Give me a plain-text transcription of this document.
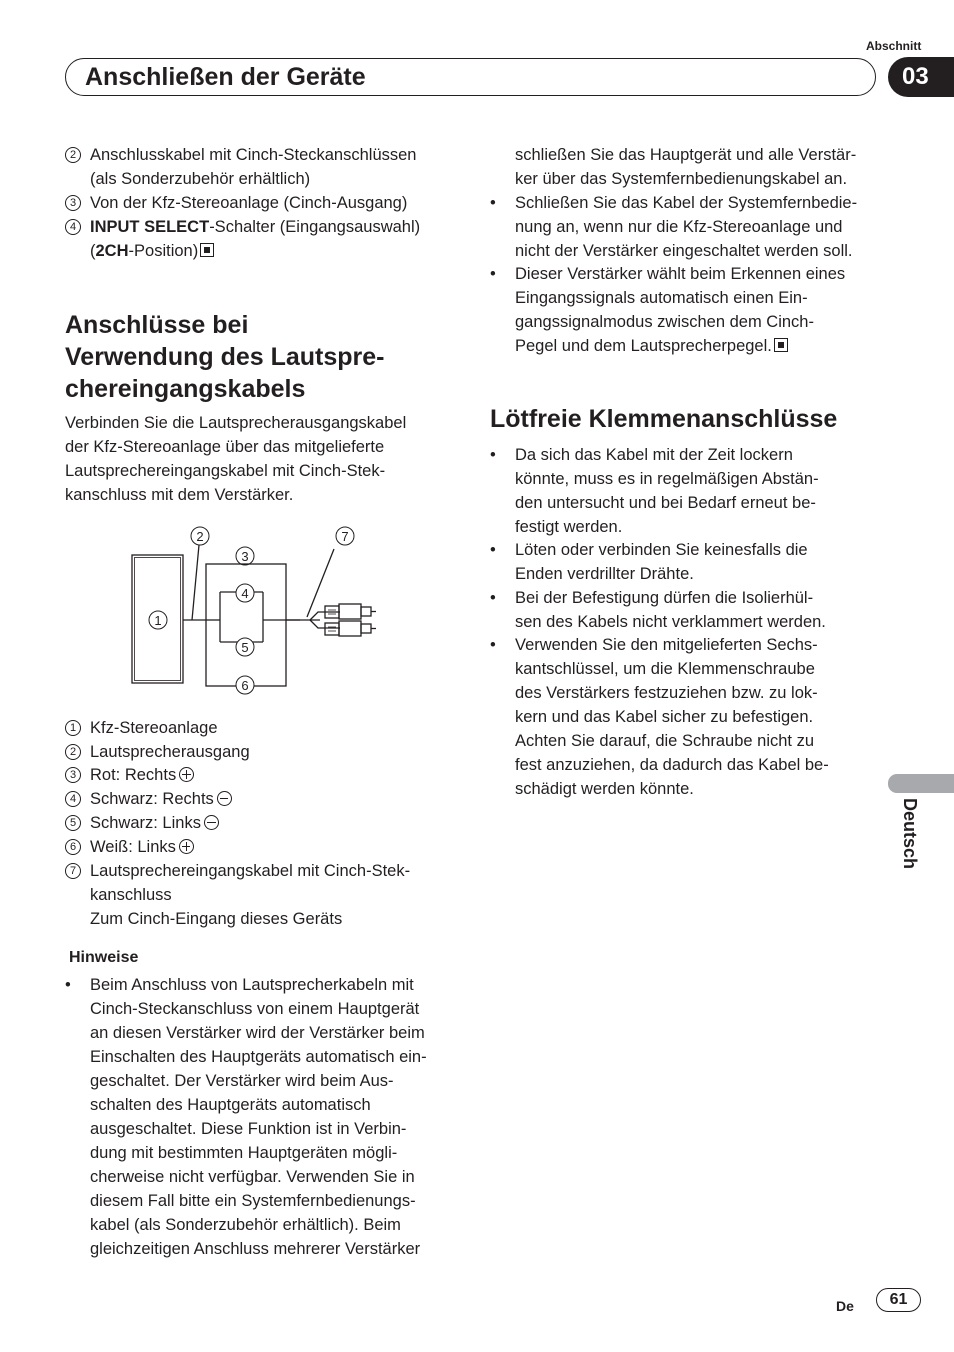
Abschnitt
Anschließen der Geräte	03
2 Anschlusskabel mit Cinch-Steckanschlüssen
(als Sonderzubehör erhältlich)
3 Von der Kfz-Stereoanlage (Cinch-Ausgang)
4 INPUT SELECT-Schalter (Eingangsauswahl)
(2CH-Position)
Anschlüsse bei
Verwendung des Lautspre-
chereingangskabels
Verbinden Sie die Lautsprecherausgangskabel
der Kfz-Stereoanlage über das mitgelieferte
Lautsprechereingangskabel mit Cinch-Stek-
kanschluss mit dem Verstärker.
1
2
3
4
5
6
7
1 Kfz-Stereoanlage
2 Lautsprecherausgang
3 Rot: Rechts
4 Schwarz: Rechts
5 Schwarz: Links
6 Weiß: Links
7 Lautsprechereingangskabel mit Cinch-Stek-
kanschluss
Zum Cinch-Eingang dieses Geräts
Hinweise
• Beim Anschluss von Lautsprecherkabeln mit
Cinch-Steckanschluss von einem Hauptgerät
an diesen Verstärker wird der Verstärker beim
Einschalten des Hauptgeräts automatisch ein-
geschaltet. Der Verstärker wird beim Aus-
schalten des Hauptgeräts automatisch
ausgeschaltet. Diese Funktion ist in Verbin-
dung mit bestimmten Hauptgeräten mögli-
cherweise nicht verfügbar. Verwenden Sie in
diesem Fall bitte ein Systemfernbedienungs-
kabel (als Sonderzubehör erhältlich). Beim
gleichzeitigen Anschluss mehrerer Verstärker
schließen Sie das Hauptgerät und alle Verstär-
ker über das Systemfernbedienungskabel an.
• Schließen Sie das Kabel der Systemfernbedie-
nung an, wenn nur die Kfz-Stereoanlage und
nicht der Verstärker eingeschaltet werden soll.
• Dieser Verstärker wählt beim Erkennen eines
Eingangssignals automatisch einen Ein-
gangssignalmodus zwischen dem Cinch-
Pegel und dem Lautsprecherpegel.
Lötfreie Klemmenanschlüsse
• Da sich das Kabel mit der Zeit lockern
könnte, muss es in regelmäßigen Abstän-
den untersucht und bei Bedarf erneut be-
festigt werden.
• Löten oder verbinden Sie keinesfalls die
Enden verdrillter Drähte.
• Bei der Befestigung dürfen die Isolierhül-
sen des Kabels nicht verklammert werden.
• Verwenden Sie den mitgelieferten Sechs-
kantschlüssel, um die Klemmenschraube
des Verstärkers festzuziehen bzw. zu lok-
kern und das Kabel sicher zu befestigen.
Achten Sie darauf, die Schraube nicht zu
fest anzuziehen, da dadurch das Kabel be-
schädigt werden könnte.
Deutsch
De	61
